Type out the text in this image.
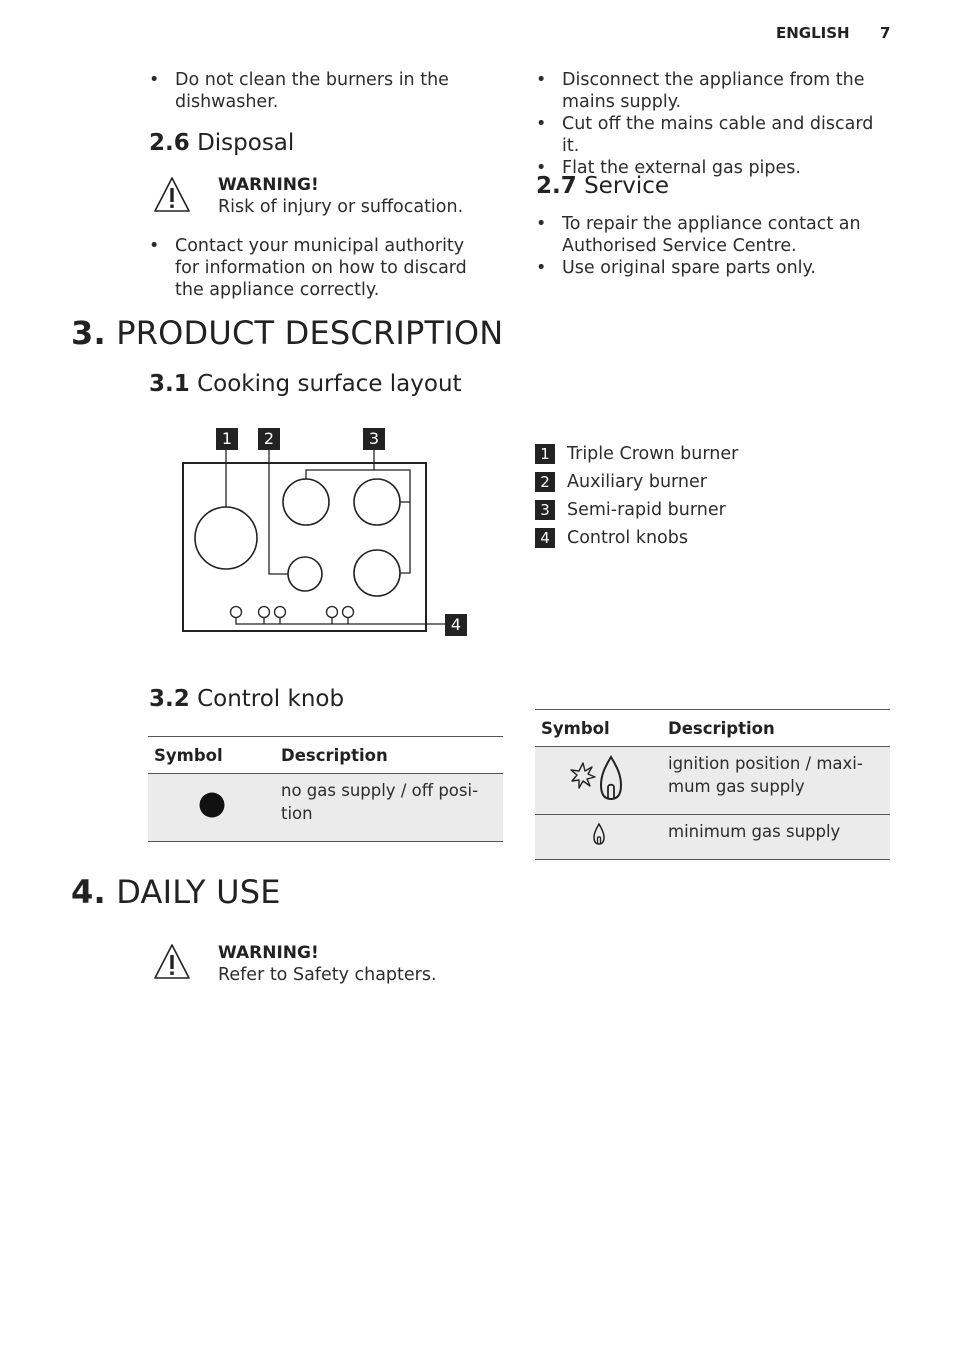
ENGLISH 7
• Do not clean the burners in the dishwasher.
2.6 Disposal
WARNING!
Risk of injury or suffocation.
• Contact your municipal authority for information on how to discard the appliance correctly.
• Disconnect the appliance from the mains supply.
• Cut off the mains cable and discard it.
• Flat the external gas pipes.
2.7 Service
• To repair the appliance contact an Authorised Service Centre.
• Use original spare parts only.
3. PRODUCT DESCRIPTION
3.1 Cooking surface layout
1	2	3
4
1 Triple Crown burner
2 Auxiliary burner
3 Semi-rapid burner
4 Control knobs
3.2 Control knob
Symbol	Description
	no gas supply / off posi-tion
Symbol	Description
	ignition position / maxi-mum gas supply
	minimum gas supply
4. DAILY USE
WARNING!
Refer to Safety chapters.
